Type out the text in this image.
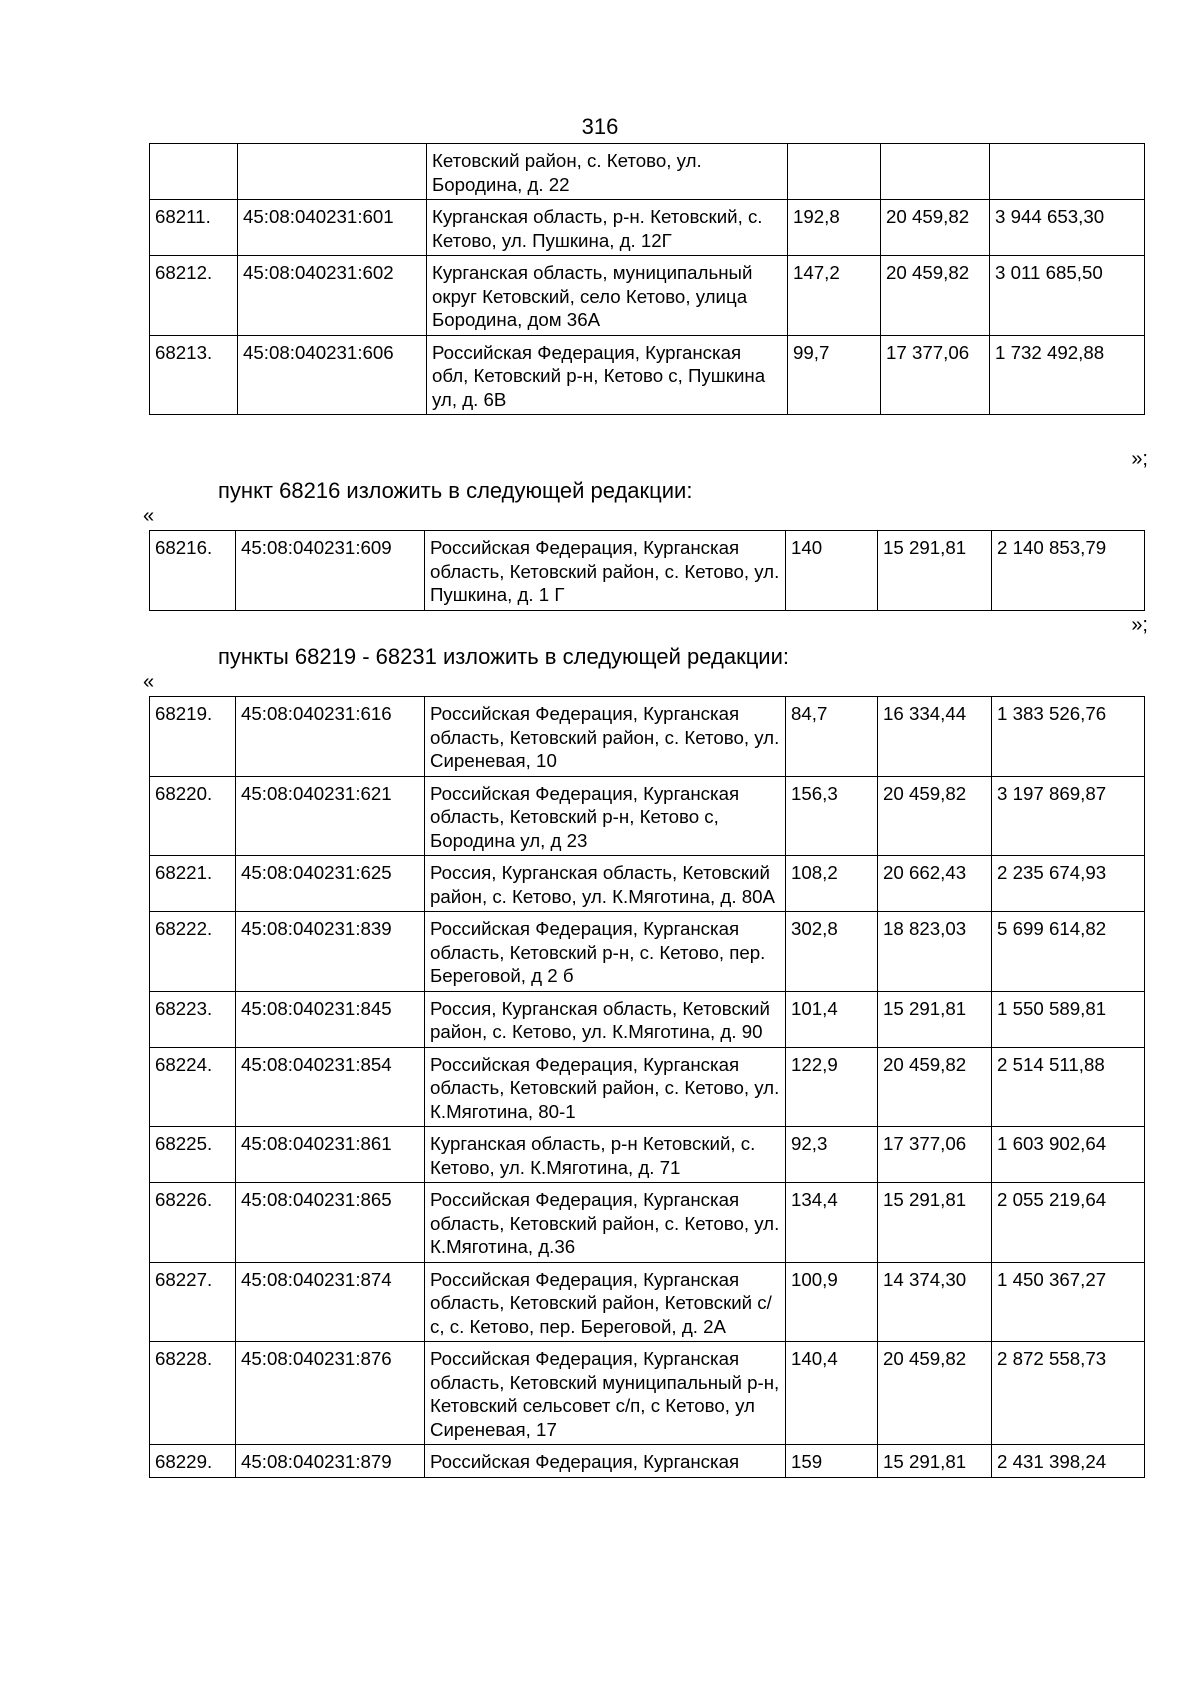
316
		Кетовский район, с. Кетово, ул. Бородина, д. 22			
68211.	45:08:040231:601	Курганская область, р-н. Кетовский, с. Кетово, ул. Пушкина, д. 12Г	192,8	20 459,82	3 944 653,30
68212.	45:08:040231:602	Курганская область, муниципальный округ Кетовский, село Кетово, улица Бородина, дом 36А	147,2	20 459,82	3 011 685,50
68213.	45:08:040231:606	Российская Федерация, Курганская обл, Кетовский р-н, Кетово с, Пушкина ул, д. 6В	99,7	17 377,06	1 732 492,88
»;
пункт 68216 изложить в следующей редакции:
«
68216.	45:08:040231:609	Российская Федерация, Курганская область, Кетовский район, с. Кетово, ул. Пушкина, д. 1 Г	140	15 291,81	2 140 853,79
»;
пункты 68219 - 68231 изложить в следующей редакции:
«
68219.	45:08:040231:616	Российская Федерация, Курганская область, Кетовский район, с. Кетово, ул. Сиреневая, 10	84,7	16 334,44	1 383 526,76
68220.	45:08:040231:621	Российская Федерация, Курганская область, Кетовский р-н, Кетово с, Бородина ул, д 23	156,3	20 459,82	3 197 869,87
68221.	45:08:040231:625	Россия, Курганская область, Кетовский район, с. Кетово, ул. К.Мяготина, д. 80А	108,2	20 662,43	2 235 674,93
68222.	45:08:040231:839	Российская Федерация, Курганская область, Кетовский р-н, с. Кетово, пер. Береговой, д 2 б	302,8	18 823,03	5 699 614,82
68223.	45:08:040231:845	Россия, Курганская область, Кетовский район, с. Кетово, ул. К.Мяготина, д. 90	101,4	15 291,81	1 550 589,81
68224.	45:08:040231:854	Российская Федерация, Курганская область, Кетовский район, с. Кетово, ул. К.Мяготина, 80-1	122,9	20 459,82	2 514 511,88
68225.	45:08:040231:861	Курганская область, р-н Кетовский, с. Кетово, ул. К.Мяготина, д. 71	92,3	17 377,06	1 603 902,64
68226.	45:08:040231:865	Российская Федерация, Курганская область, Кетовский район, с. Кетово, ул. К.Мяготина, д.36	134,4	15 291,81	2 055 219,64
68227.	45:08:040231:874	Российская Федерация, Курганская область, Кетовский район, Кетовский с/с, с. Кетово, пер. Береговой, д. 2А	100,9	14 374,30	1 450 367,27
68228.	45:08:040231:876	Российская Федерация, Курганская область, Кетовский муниципальный р-н, Кетовский сельсовет с/п, с Кетово, ул Сиреневая, 17	140,4	20 459,82	2 872 558,73
68229.	45:08:040231:879	Российская Федерация, Курганская	159	15 291,81	2 431 398,24
